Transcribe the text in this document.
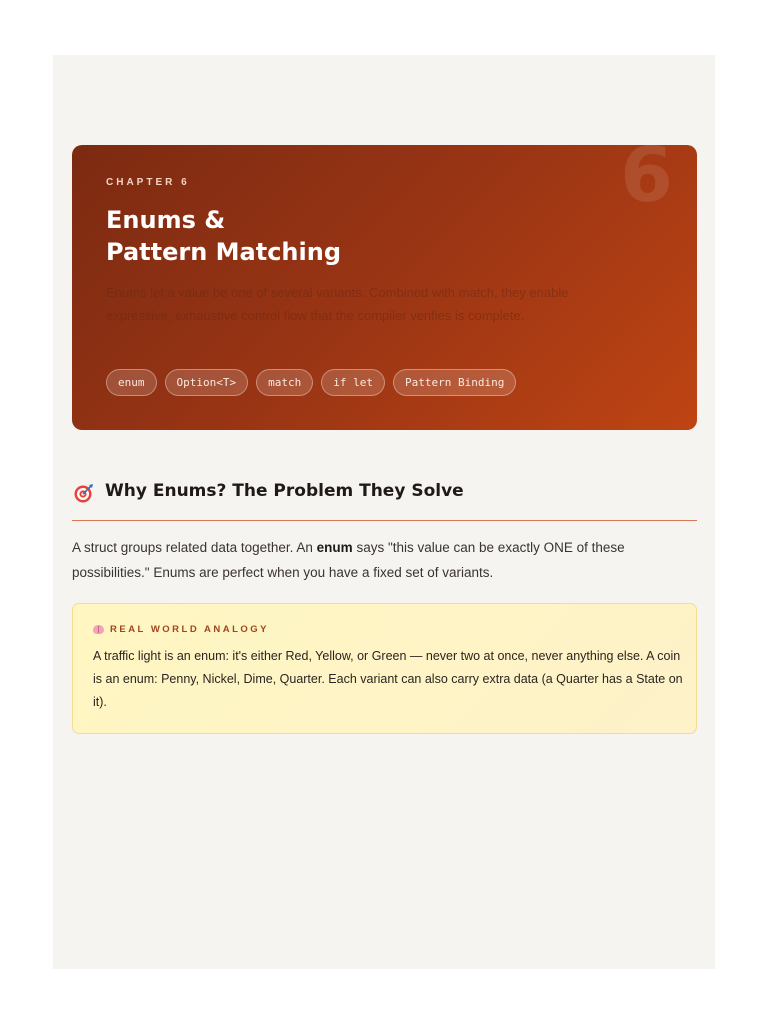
6
CHAPTER 6
Enums &
Pattern Matching
Enums let a value be one of several variants. Combined with match, they enable expressive, exhaustive control flow that the compiler verifies is complete.
enum	Option<T>	match	if let	Pattern Binding
Why Enums? The Problem They Solve
A struct groups related data together. An enum says "this value can be exactly ONE of these possibilities." Enums are perfect when you have a fixed set of variants.
REAL WORLD ANALOGY
A traffic light is an enum: it's either Red, Yellow, or Green — never two at once, never anything else. A coin is an enum: Penny, Nickel, Dime, Quarter. Each variant can also carry extra data (a Quarter has a State on it).
